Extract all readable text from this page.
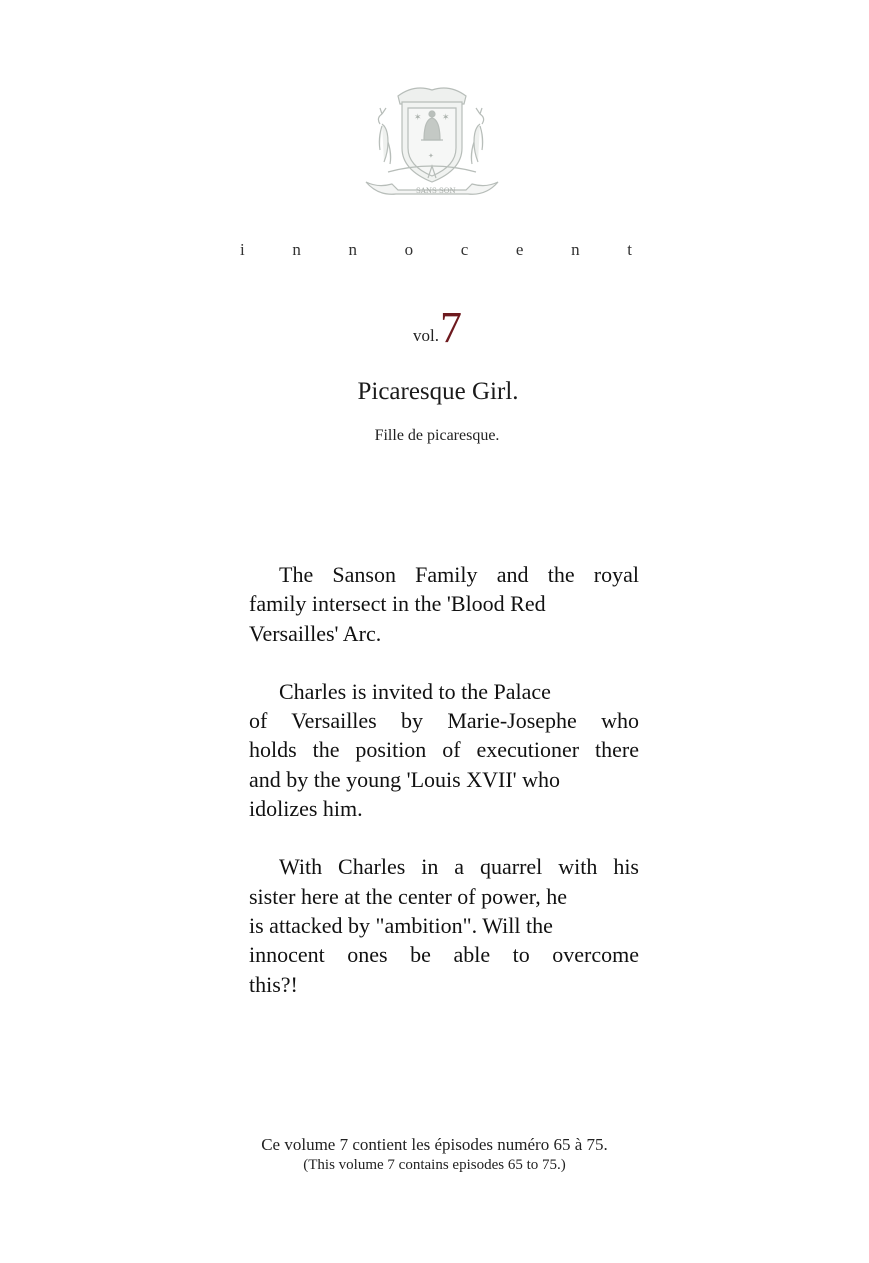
✶ ✶
✦
SANS SON
i	n	n	o	c	e	n	t
vol.7
Picaresque Girl.
Fille de picaresque.

The Sanson Family and the royal
family intersect in the 'Blood Red
Versailles' Arc.

Charles is invited to the Palace
of Versailles by Marie-Josephe who
holds the position of executioner there
and by the young 'Louis XVII' who
idolizes him.

With Charles in a quarrel with his
sister here at the center of power, he
is attacked by "ambition". Will the
innocent ones be able to overcome
this?!

Ce volume 7 contient les épisodes numéro 65 à 75.
(This volume 7 contains episodes 65 to 75.)
